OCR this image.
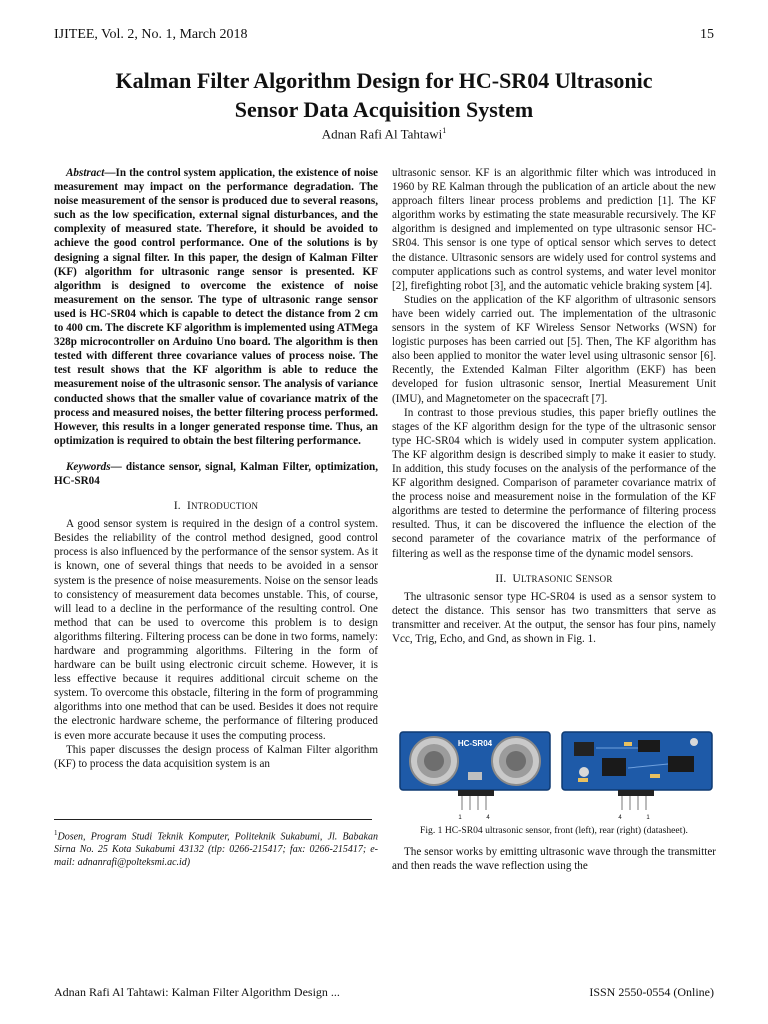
IJITEE, Vol. 2, No. 1, March 2018	15
Kalman Filter Algorithm Design for HC-SR04 Ultrasonic
Sensor Data Acquisition System
Adnan Rafi Al Tahtawi$^1$
Abstract—In the control system application, the existence of noise measurement may impact on the performance degradation. The noise measurement of the sensor is produced due to several reasons, such as the low specification, external signal disturbances, and the complexity of measured state. Therefore, it should be avoided to achieve the good control performance. One of the solutions is by designing a signal filter. In this paper, the design of Kalman Filter (KF) algorithm for ultrasonic range sensor is presented. KF algorithm is designed to overcome the existence of noise measurement on the sensor. The type of ultrasonic range sensor used is HC-SR04 which is capable to detect the distance from 2 cm to 400 cm. The discrete KF algorithm is implemented using ATMega 328p microcontroller on Arduino Uno board. The algorithm is then tested with different three covariance values of process noise. The test result shows that the KF algorithm is able to reduce the measurement noise of the ultrasonic sensor. The analysis of variance conducted shows that the smaller value of covariance matrix of the process and measured noises, the better filtering process performed. However, this results in a longer generated response time. Thus, an optimization is required to obtain the best filtering performance.
Keywords— distance sensor, signal, Kalman Filter, optimization, HC-SR04
I. INTRODUCTION

A good sensor system is required in the design of a control system. Besides the reliability of the control method designed, good control process is also influenced by the performance of the sensor system. As it is known, one of several things that needs to be avoided in a sensor system is the presence of noise measurements. Noise on the sensor leads to consistency of measurement data becomes unstable. This, of course, will lead to a decline in the performance of the resulting control. One method that can be used to overcome this problem is to design algorithms filtering. Filtering process can be done in two forms, namely: hardware and programming algorithms. Filtering in the form of hardware can be built using electronic circuit scheme. However, it is less effective because it requires additional circuit scheme on the system. To overcome this obstacle, filtering in the form of programming algorithms into one method that can be used. Besides it does not require the electronic hardware scheme, the performance of filtering produced is even more accurate because it uses the computing process.

This paper discusses the design process of Kalman Filter algorithm (KF) to process the data acquisition system is an

$^1$Dosen, Program Studi Teknik Komputer, Politeknik Sukabumi, Jl. Babakan Sirna No. 25 Kota Sukabumi 43132 (tlp: 0266-215417; fax: 0266-215417; e-mail: adnanrafi@polteksmi.ac.id)

ultrasonic sensor. KF is an algorithmic filter which was introduced in 1960 by RE Kalman through the publication of an article about the new approach filters linear process problems and prediction [1]. The KF algorithm works by estimating the state measurable recursively. The KF algorithm is designed and implemented on type ultrasonic sensor HC-SR04. This sensor is one type of optical sensor which serves to detect the distance. Ultrasonic sensors are widely used for control systems and computer applications such as control systems, and water level monitor [2], firefighting robot [3], and the automatic vehicle braking system [4].

Studies on the application of the KF algorithm of ultrasonic sensors have been widely carried out. The implementation of the ultrasonic sensors in the system of KF Wireless Sensor Networks (WSN) for logistic purposes has been carried out [5]. Then, The KF algorithm has also been applied to monitor the water level using ultrasonic sensor [6]. Recently, the Extended Kalman Filter algorithm (EKF) has been developed for fusion ultrasonic sensor, Inertial Measurement Unit (IMU), and Magnetometer on the spacecraft [7].

In contrast to those previous studies, this paper briefly outlines the stages of the KF algorithm design for the type of the ultrasonic sensor type HC-SR04 which is widely used in computer system application. The KF algorithm design is described simply to make it easier to study. In addition, this study focuses on the analysis of the performance of the KF algorithm designed. Comparison of parameter covariance matrix of the process noise and measurement noise in the formulation of the KF algorithms are tested to determine the performance of filtering process resulted. Thus, it can be discovered the influence the election of the second parameter of the covariance matrix of the performance of filtering as well as the response time of the dynamic model sensors.

II. ULTRASONIC SENSOR

The ultrasonic sensor type HC-SR04 is used as a sensor system to detect the distance. This sensor has two transmitters that serve as transmitter and receiver. At the output, the sensor has four pins, namely Vcc, Trig, Echo, and Gnd, as shown in Fig. 1.

HC-SR04
1	4	4	1
Fig. 1 HC-SR04 ultrasonic sensor, front (left), rear (right) (datasheet).

The sensor works by emitting ultrasonic wave through the transmitter and then reads the wave reflection using the

Adnan Rafi Al Tahtawi: Kalman Filter Algorithm Design ...	ISSN 2550-0554 (Online)
